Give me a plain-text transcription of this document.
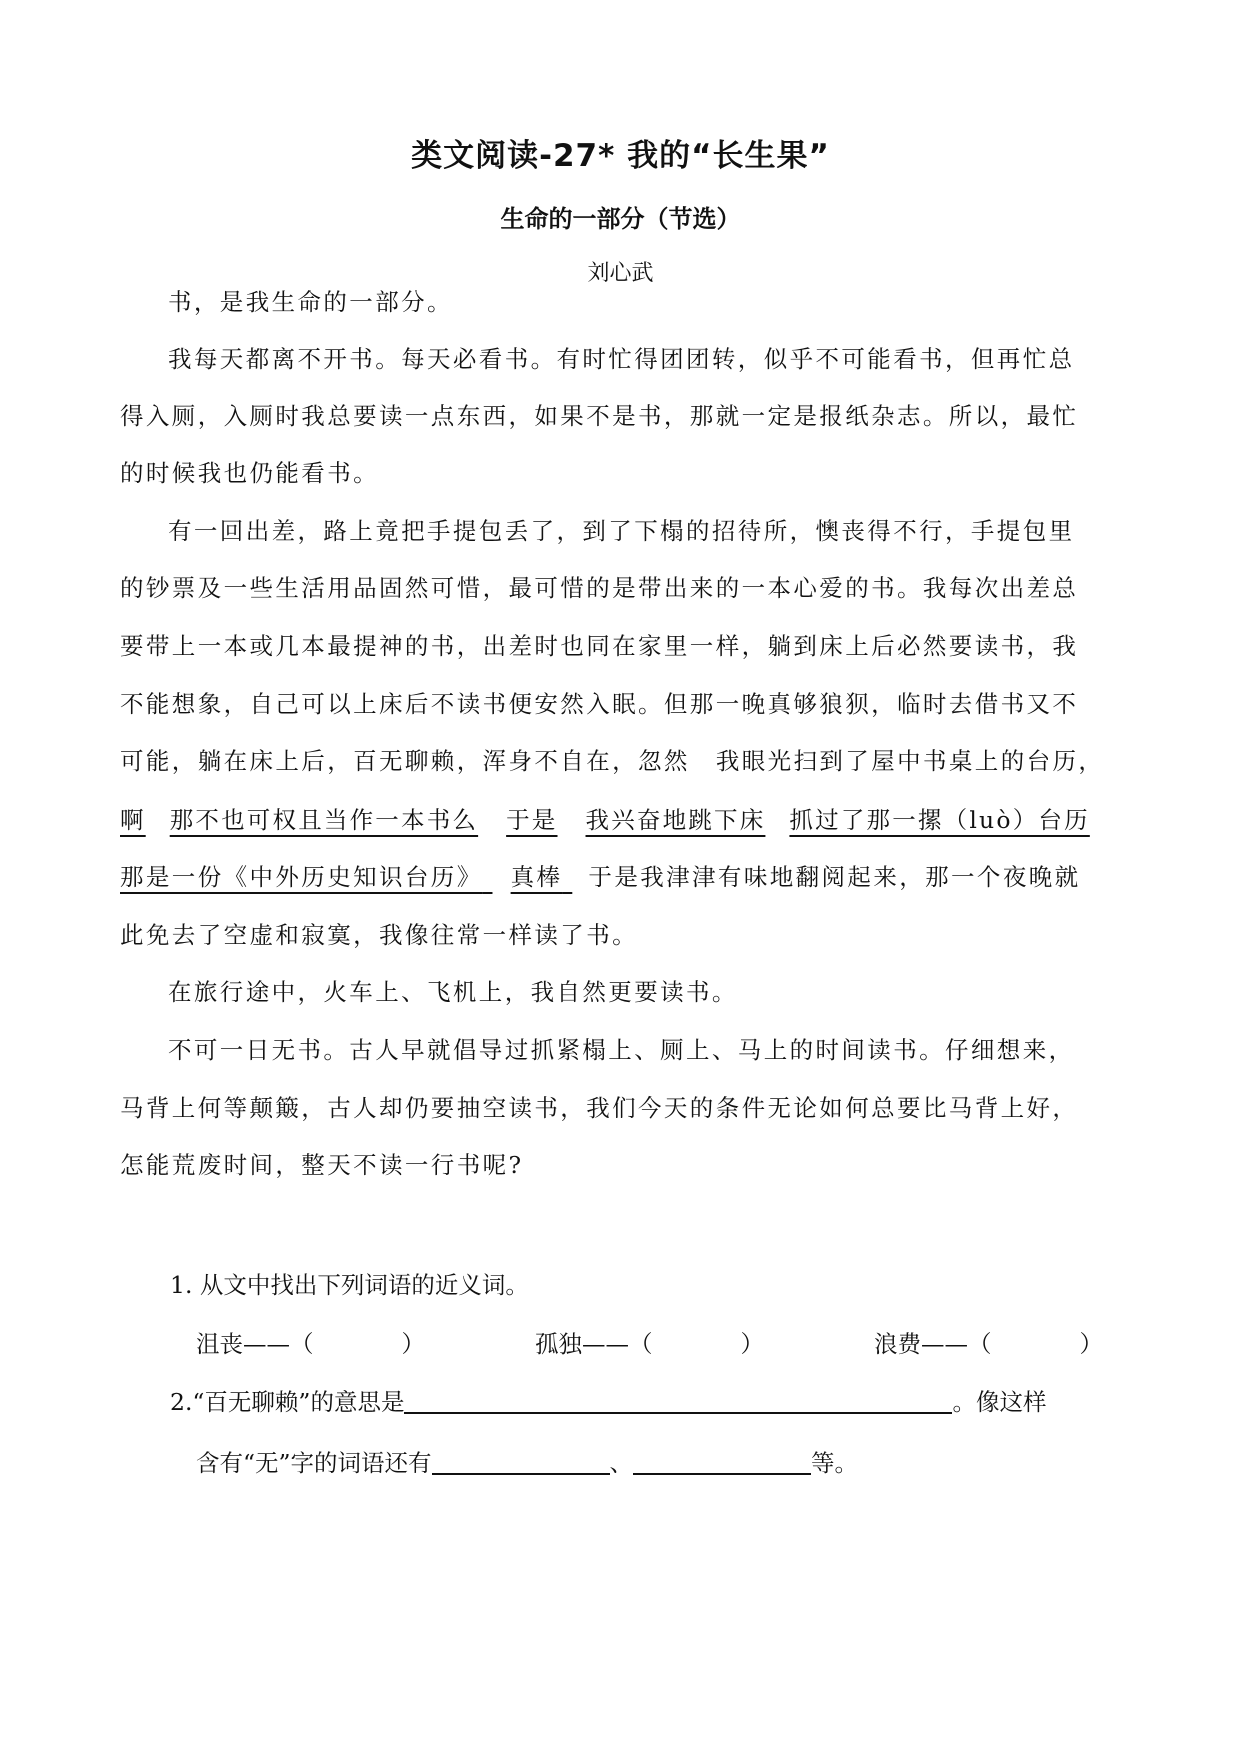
类文阅读-27* 我的“长生果”
生命的一部分（节选）
刘心武
书，是我生命的一部分。
我每天都离不开书。每天必看书。有时忙得团团转，似乎不可能看书，但再忙总
得入厕，入厕时我总要读一点东西，如果不是书，那就一定是报纸杂志。所以，最忙
的时候我也仍能看书。
有一回出差，路上竟把手提包丢了，到了下榻的招待所，懊丧得不行，手提包里
的钞票及一些生活用品固然可惜，最可惜的是带出来的一本心爱的书。我每次出差总
要带上一本或几本最提神的书，出差时也同在家里一样，躺到床上后必然要读书，我
不能想象，自己可以上床后不读书便安然入眠。但那一晚真够狼狈，临时去借书又不
可能，躺在床上后，百无聊赖，浑身不自在，忽然 我眼光扫到了屋中书桌上的台历，
啊 那不也可权且当作一本书么 于是 我兴奋地跳下床 抓过了那一摞（luò）台历
那是一份《中外历史知识台历》 真棒 于是我津津有味地翻阅起来，那一个夜晚就
此免去了空虚和寂寞，我像往常一样读了书。
在旅行途中，火车上、飞机上，我自然更要读书。
不可一日无书。古人早就倡导过抓紧榻上、厕上、马上的时间读书。仔细想来，
马背上何等颠簸，古人却仍要抽空读书，我们今天的条件无论如何总要比马背上好，
怎能荒废时间，整天不读一行书呢?
1. 从文中找出下列词语的近义词。
沮丧——（	）	孤独——（	）	浪费——（	）
2.“百无聊赖”的意思是	。像这样
含有“无”字的词语还有	、	等。
